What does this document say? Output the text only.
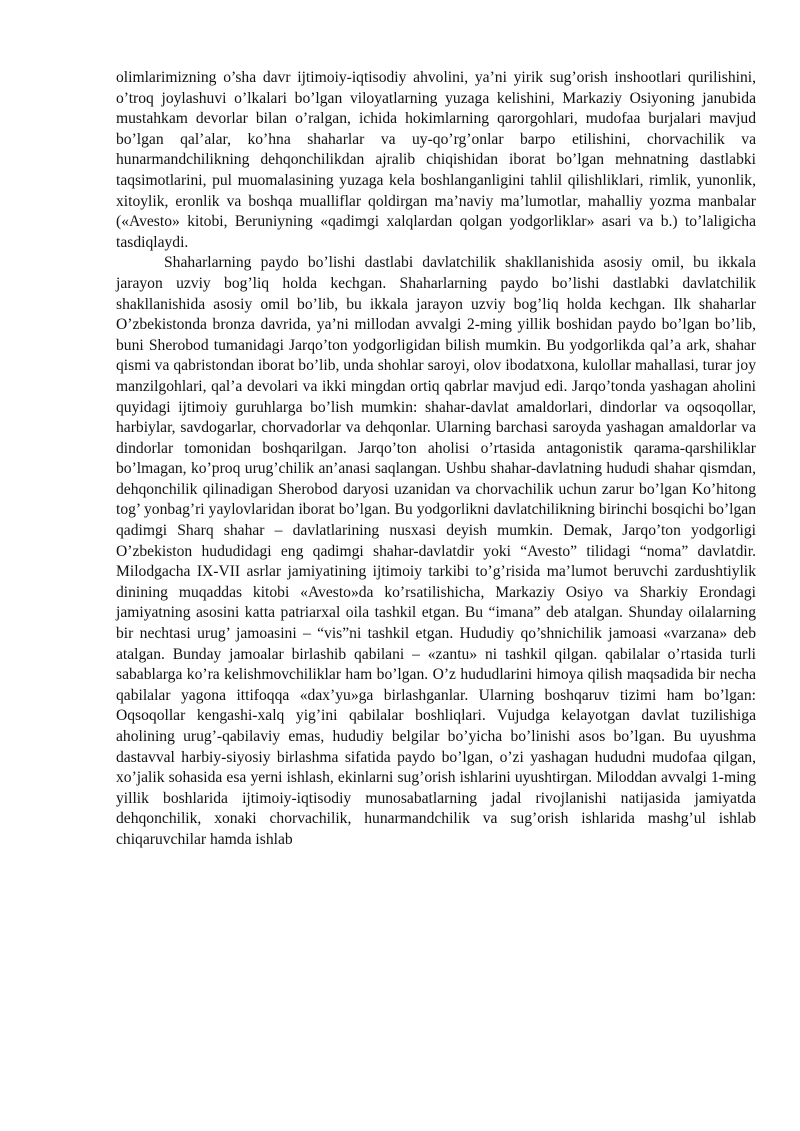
olimlarimizning o’sha davr ijtimoiy-iqtisodiy ahvolini, ya’ni yirik sug’orish inshootlari qurilishini, o’troq joylashuvi o’lkalari bo’lgan viloyatlarning yuzaga kelishini, Markaziy Osiyoning janubida mustahkam devorlar bilan o’ralgan, ichida hokimlarning qarorgohlari, mudofaa burjalari mavjud bo’lgan qal’alar, ko’hna shaharlar va uy-qo’rg’onlar barpo etilishini, chorvachilik va hunarmandchilikning dehqonchilikdan ajralib chiqishidan iborat bo’lgan mehnatning dastlabki taqsimotlarini, pul muomalasining yuzaga kela boshlanganligini tahlil qilishliklari, rimlik, yunonlik, xitoylik, eronlik va boshqa mualliflar qoldirgan ma’naviy ma’lumotlar, mahalliy yozma manbalar («Avesto» kitobi, Beruniyning «qadimgi xalqlardan qolgan yodgorliklar» asari va b.) to’laligicha tasdiqlaydi.

Shaharlarning paydo bo’lishi dastlabi davlatchilik shakllanishida asosiy omil, bu ikkala jarayon uzviy bog’liq holda kechgan. Shaharlarning paydo bo’lishi dastlabki davlatchilik shakllanishida asosiy omil bo’lib, bu ikkala jarayon uzviy bog’liq holda kechgan. Ilk shaharlar O’zbekistonda bronza davrida, ya’ni millodan avvalgi 2-ming yillik boshidan paydo bo’lgan bo’lib, buni Sherobod tumanidagi Jarqo’ton yodgorligidan bilish mumkin. Bu yodgorlikda qal’a ark, shahar qismi va qabristondan iborat bo’lib, unda shohlar saroyi, olov ibodatxona, kulollar mahallasi, turar joy manzilgohlari, qal’a devolari va ikki mingdan ortiq qabrlar mavjud edi. Jarqo’tonda yashagan aholini quyidagi ijtimoiy guruhlarga bo’lish mumkin: shahar-davlat amaldorlari, dindorlar va oqsoqollar, harbiylar, savdogarlar, chorvadorlar va dehqonlar. Ularning barchasi saroyda yashagan amaldorlar va dindorlar tomonidan boshqarilgan. Jarqo’ton aholisi o’rtasida antagonistik qarama-qarshiliklar bo’lmagan, ko’proq urug’chilik an’anasi saqlangan. Ushbu shahar-davlatning hududi shahar qismdan, dehqonchilik qilinadigan Sherobod daryosi uzanidan va chorvachilik uchun zarur bo’lgan Ko’hitong tog’ yonbag’ri yaylovlaridan iborat bo’lgan. Bu yodgorlikni davlatchilikning birinchi bosqichi bo’lgan qadimgi Sharq shahar – davlatlarining nusxasi deyish mumkin. Demak, Jarqo’ton yodgorligi O’zbekiston hududidagi eng qadimgi shahar-davlatdir yoki “Avesto” tilidagi “noma” davlatdir. Milodgacha IX-VII asrlar jamiyatining ijtimoiy tarkibi to’g’risida ma’lumot beruvchi zardushtiylik dinining muqaddas kitobi «Avesto»da ko’rsatilishicha, Markaziy Osiyo va Sharkiy Erondagi jamiyatning asosini katta patriarxal oila tashkil etgan. Bu “imana” deb atalgan. Shunday oilalarning bir nechtasi urug’ jamoasini – “vis”ni tashkil etgan. Hududiy qo’shnichilik jamoasi «varzana» deb atalgan. Bunday jamoalar birlashib qabilani – «zantu» ni tashkil qilgan. qabilalar o’rtasida turli sabablarga ko’ra kelishmovchiliklar ham bo’lgan. O’z hududlarini himoya qilish maqsadida bir necha qabilalar yagona ittifoqqa «dax’yu»ga birlashganlar. Ularning boshqaruv tizimi ham bo’lgan: Oqsoqollar kengashi-xalq yig’ini qabilalar boshliqlari. Vujudga kelayotgan davlat tuzilishiga aholining urug’-qabilaviy emas, hududiy belgilar bo’yicha bo’linishi asos bo’lgan. Bu uyushma dastavval harbiy-siyosiy birlashma sifatida paydo bo’lgan, o’zi yashagan hududni mudofaa qilgan, xo’jalik sohasida esa yerni ishlash, ekinlarni sug’orish ishlarini uyushtirgan. Miloddan avvalgi 1-ming yillik boshlarida ijtimoiy-iqtisodiy munosabatlarning jadal rivojlanishi natijasida jamiyatda dehqonchilik, xonaki chorvachilik, hunarmandchilik va sug’orish ishlarida mashg’ul ishlab chiqaruvchilar hamda ishlab
